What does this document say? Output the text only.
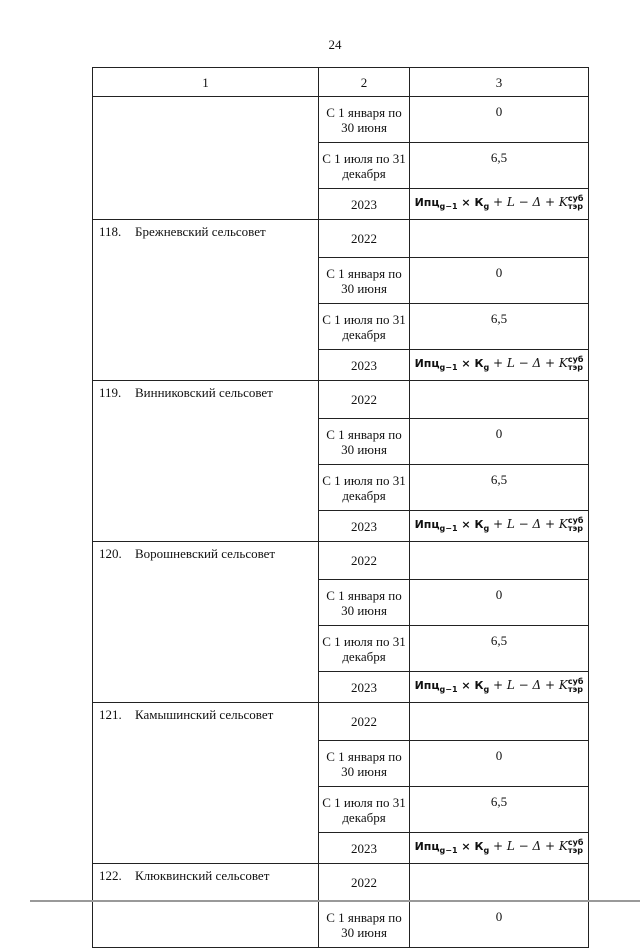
24
1	2	3
	С 1 января по 30 июня	0
	С 1 июля по 31 декабря	6,5
	2023	$Ипц_{g-1} \times К_g + L - \Delta + K$ суб
тэр

118. Брежневский сельсовет	2022	
	С 1 января по 30 июня	0
	С 1 июля по 31 декабря	6,5
	2023	$Ипц_{g-1} \times К_g + L - \Delta + K$ суб
тэр

119. Винниковский сельсовет	2022	
	С 1 января по 30 июня	0
	С 1 июля по 31 декабря	6,5
	2023	$Ипц_{g-1} \times К_g + L - \Delta + K$ суб
тэр

120. Ворошневский сельсовет	2022	
	С 1 января по 30 июня	0
	С 1 июля по 31 декабря	6,5
	2023	$Ипц_{g-1} \times К_g + L - \Delta + K$ суб
тэр

121. Камышинский сельсовет	2022	
	С 1 января по 30 июня	0
	С 1 июля по 31 декабря	6,5
	2023	$Ипц_{g-1} \times К_g + L - \Delta + K$ суб
тэр

122. Клюквинский сельсовет	2022	
	С 1 января по 30 июня	0
